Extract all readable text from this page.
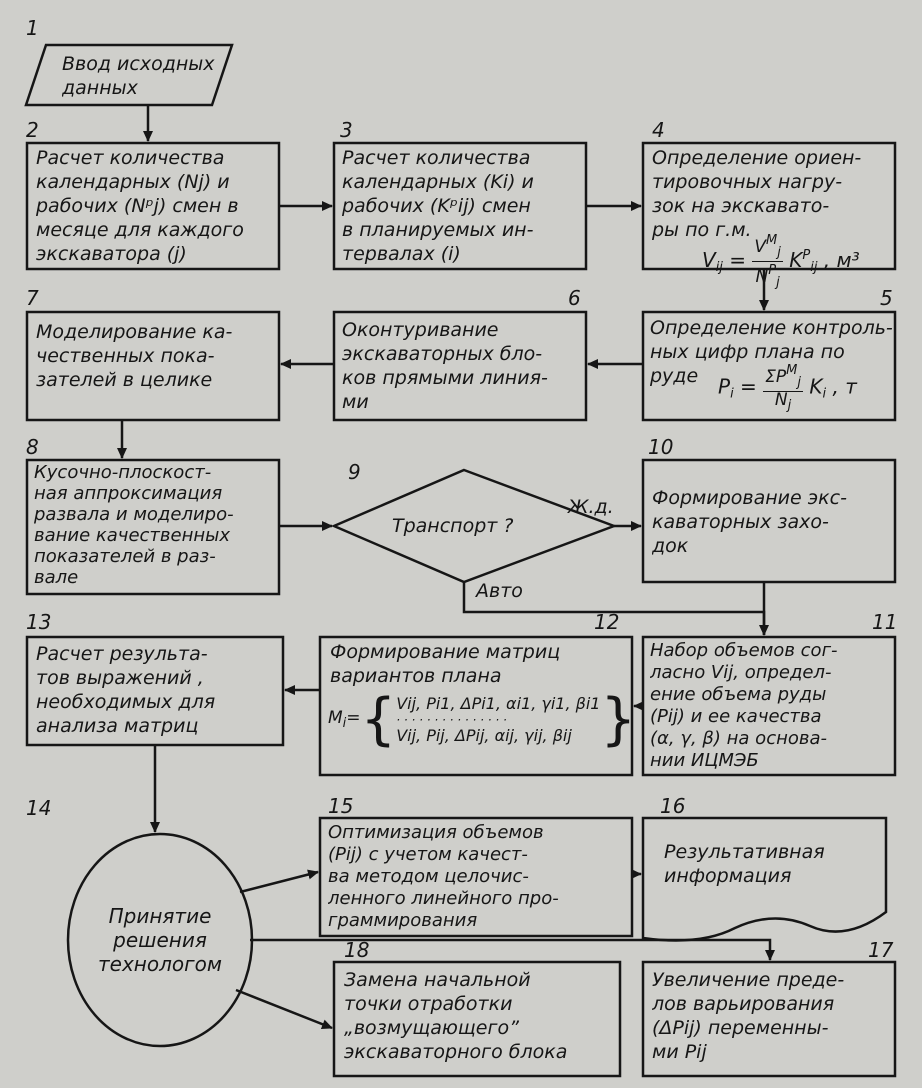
1
2	3	4
5
6
7
8
9
10
11
12
13
14	15	16
17
18
Ввод исходных
данных
Расчет количества
календарных (Nj) и
рабочих (Nᵖj) смен в
месяце для каждого
экскаватора (j)
Расчет количества
календарных (Ki) и
рабочих (Kᵖij) смен
в планируемых ин-
тервалах (i)
Определение ориен-
тировочных нагру-
зок на экскавато-
ры по г.м.
Определение контроль-
ных цифр плана по
руде
Оконтуривание
экскаваторных бло-
ков прямыми линия-
ми
Моделирование ка-
чественных пока-
зателей в целике
Кусочно-плоскост-
ная аппроксимация
развала и моделиро-
вание качественных
показателей в раз-
вале
Транспорт ?
Формирование экс-
каваторных захо-
док
Набор объемов сог-
ласно Vij, определ-
ение объема руды
(Pij) и ее качества
(α, γ, β) на основа-
нии ИЦМЭБ
Формирование матриц
вариантов плана
Расчет результа-
тов выражений ,
необходимых для
анализа матриц
Принятие
решения
технологом
Оптимизация объемов
(Pij) с учетом качест-
ва методом целочис-
ленного линейного про-
граммирования
Результативная
информация
Увеличение преде-
лов варьирования
(ΔPij) переменны-
ми Pij
Замена начальной
точки отработки
„возмущающего”
экскаваторного блока
$V_{ij}$ =
$V^M_j$
$N^P_j$
$K^P_{ij}$ , м³
$P_i = \Sigma P^M_j$
$N_j$
$K_i$ , т
$M_i=${ Vij, Pi1, ΔPi1, αi1, γi1, βi1
· · · · · · · · · · · · · · ·
Vij, Pij, ΔPij, αij, γij, βij }
Ж.д.
Авто
